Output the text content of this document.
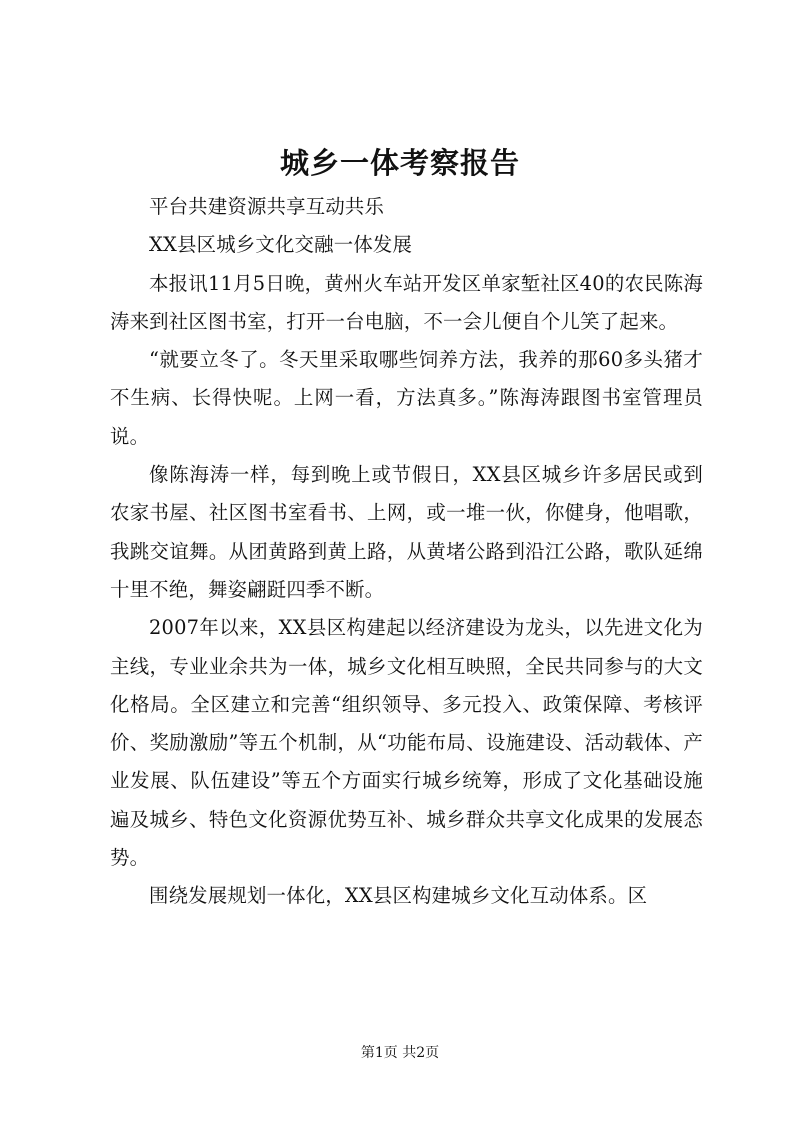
城乡一体考察报告

平台共建资源共享互动共乐

XX县区城乡文化交融一体发展

本报讯11月5日晚，黄州火车站开发区单家堑社区40的农民陈海涛来到社区图书室，打开一台电脑，不一会儿便自个儿笑了起来。

“就要立冬了。冬天里采取哪些饲养方法，我养的那60多头猪才不生病、长得快呢。上网一看，方法真多。”陈海涛跟图书室管理员说。

像陈海涛一样，每到晚上或节假日，XX县区城乡许多居民或到农家书屋、社区图书室看书、上网，或一堆一伙，你健身，他唱歌，我跳交谊舞。从团黄路到黄上路，从黄堵公路到沿江公路，歌队延绵十里不绝，舞姿翩跹四季不断。

2007年以来，XX县区构建起以经济建设为龙头，以先进文化为主线，专业业余共为一体，城乡文化相互映照，全民共同参与的大文化格局。全区建立和完善“组织领导、多元投入、政策保障、考核评价、奖励激励”等五个机制，从“功能布局、设施建设、活动载体、产业发展、队伍建设”等五个方面实行城乡统筹，形成了文化基础设施遍及城乡、特色文化资源优势互补、城乡群众共享文化成果的发展态势。

围绕发展规划一体化，XX县区构建城乡文化互动体系。区

第1页 共2页
